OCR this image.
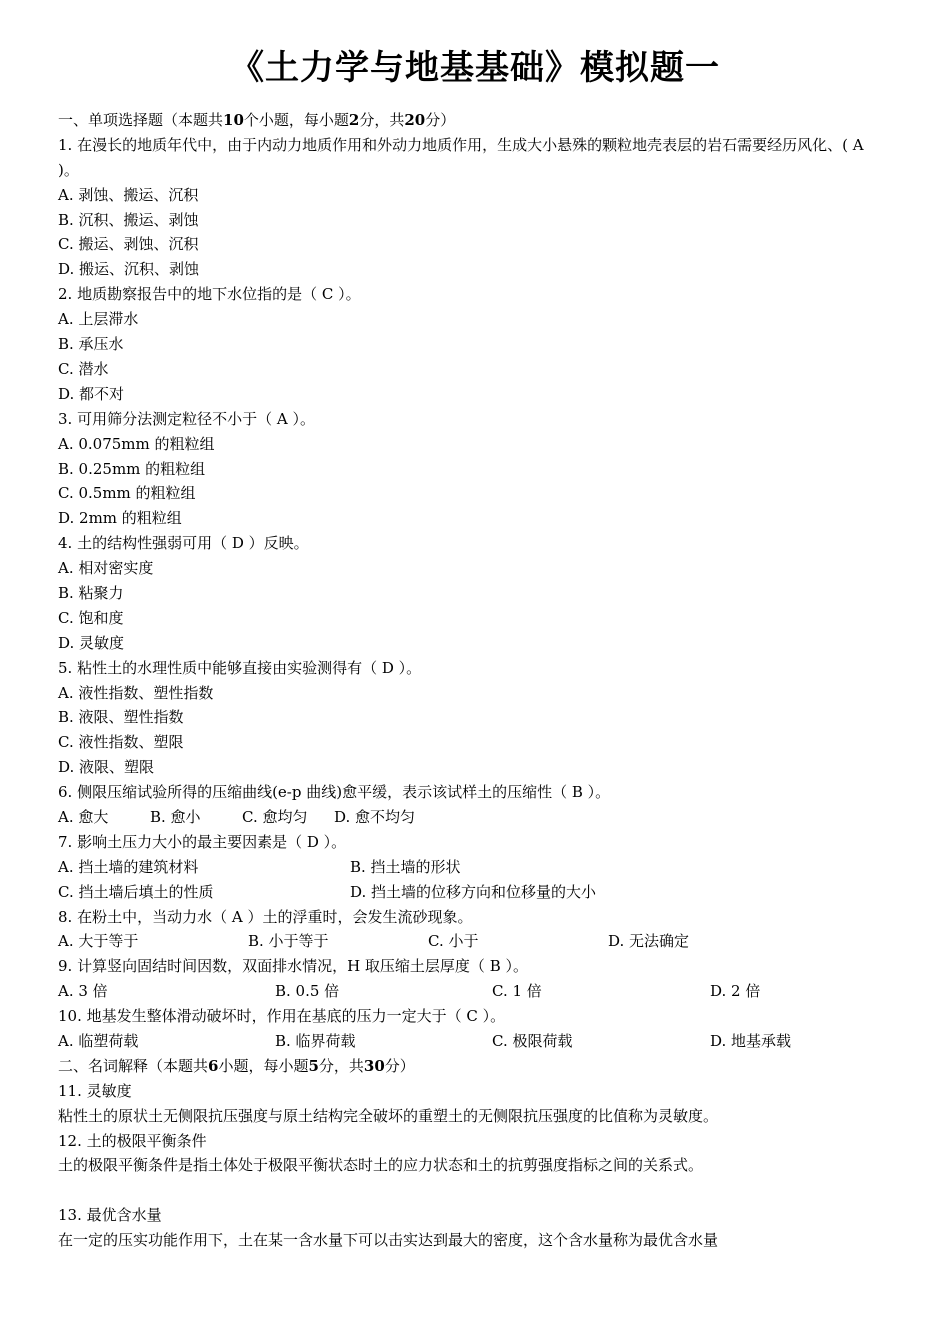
《土力学与地基基础》模拟题一
一、单项选择题（本题共10个小题，每小题2分，共20分）
1. 在漫长的地质年代中，由于内动力地质作用和外动力地质作用，生成大小悬殊的颗粒地壳表层的岩石需要经历风化、( A )。
A. 剥蚀、搬运、沉积
B. 沉积、搬运、剥蚀
C. 搬运、剥蚀、沉积
D. 搬运、沉积、剥蚀
2. 地质勘察报告中的地下水位指的是（ C ）。
A. 上层滞水
B. 承压水
C. 潜水
D. 都不对
3. 可用筛分法测定粒径不小于（ A ）。
A. 0.075mm 的粗粒组
B. 0.25mm 的粗粒组
C. 0.5mm 的粗粒组
D. 2mm 的粗粒组
4. 土的结构性强弱可用（ D ）反映。
A. 相对密实度
B. 粘聚力
C. 饱和度
D. 灵敏度
5. 粘性土的水理性质中能够直接由实验测得有（ D ）。
A. 液性指数、塑性指数
B. 液限、塑性指数
C. 液性指数、塑限
D. 液限、塑限
6. 侧限压缩试验所得的压缩曲线(e-p 曲线)愈平缓，表示该试样土的压缩性（ B ）。
A. 愈大	B. 愈小	C. 愈均匀	D. 愈不均匀
7. 影响土压力大小的最主要因素是（ D ）。
A. 挡土墙的建筑材料	B. 挡土墙的形状
C. 挡土墙后填土的性质	D. 挡土墙的位移方向和位移量的大小
8. 在粉土中，当动力水（ A ）土的浮重时，会发生流砂现象。
A. 大于等于	B. 小于等于	C. 小于	D. 无法确定
9. 计算竖向固结时间因数，双面排水情况，H 取压缩土层厚度（ B ）。
A. 3 倍	B. 0.5 倍	C. 1 倍	D. 2 倍
10. 地基发生整体滑动破坏时，作用在基底的压力一定大于（ C ）。
A. 临塑荷载	B. 临界荷载	C. 极限荷载	D. 地基承载
二、名词解释（本题共6小题，每小题5分，共30分）
11. 灵敏度
粘性土的原状土无侧限抗压强度与原土结构完全破坏的重塑土的无侧限抗压强度的比值称为灵敏度。
12. 土的极限平衡条件
土的极限平衡条件是指土体处于极限平衡状态时土的应力状态和土的抗剪强度指标之间的关系式。
13. 最优含水量
在一定的压实功能作用下，土在某一含水量下可以击实达到最大的密度，这个含水量称为最优含水量
